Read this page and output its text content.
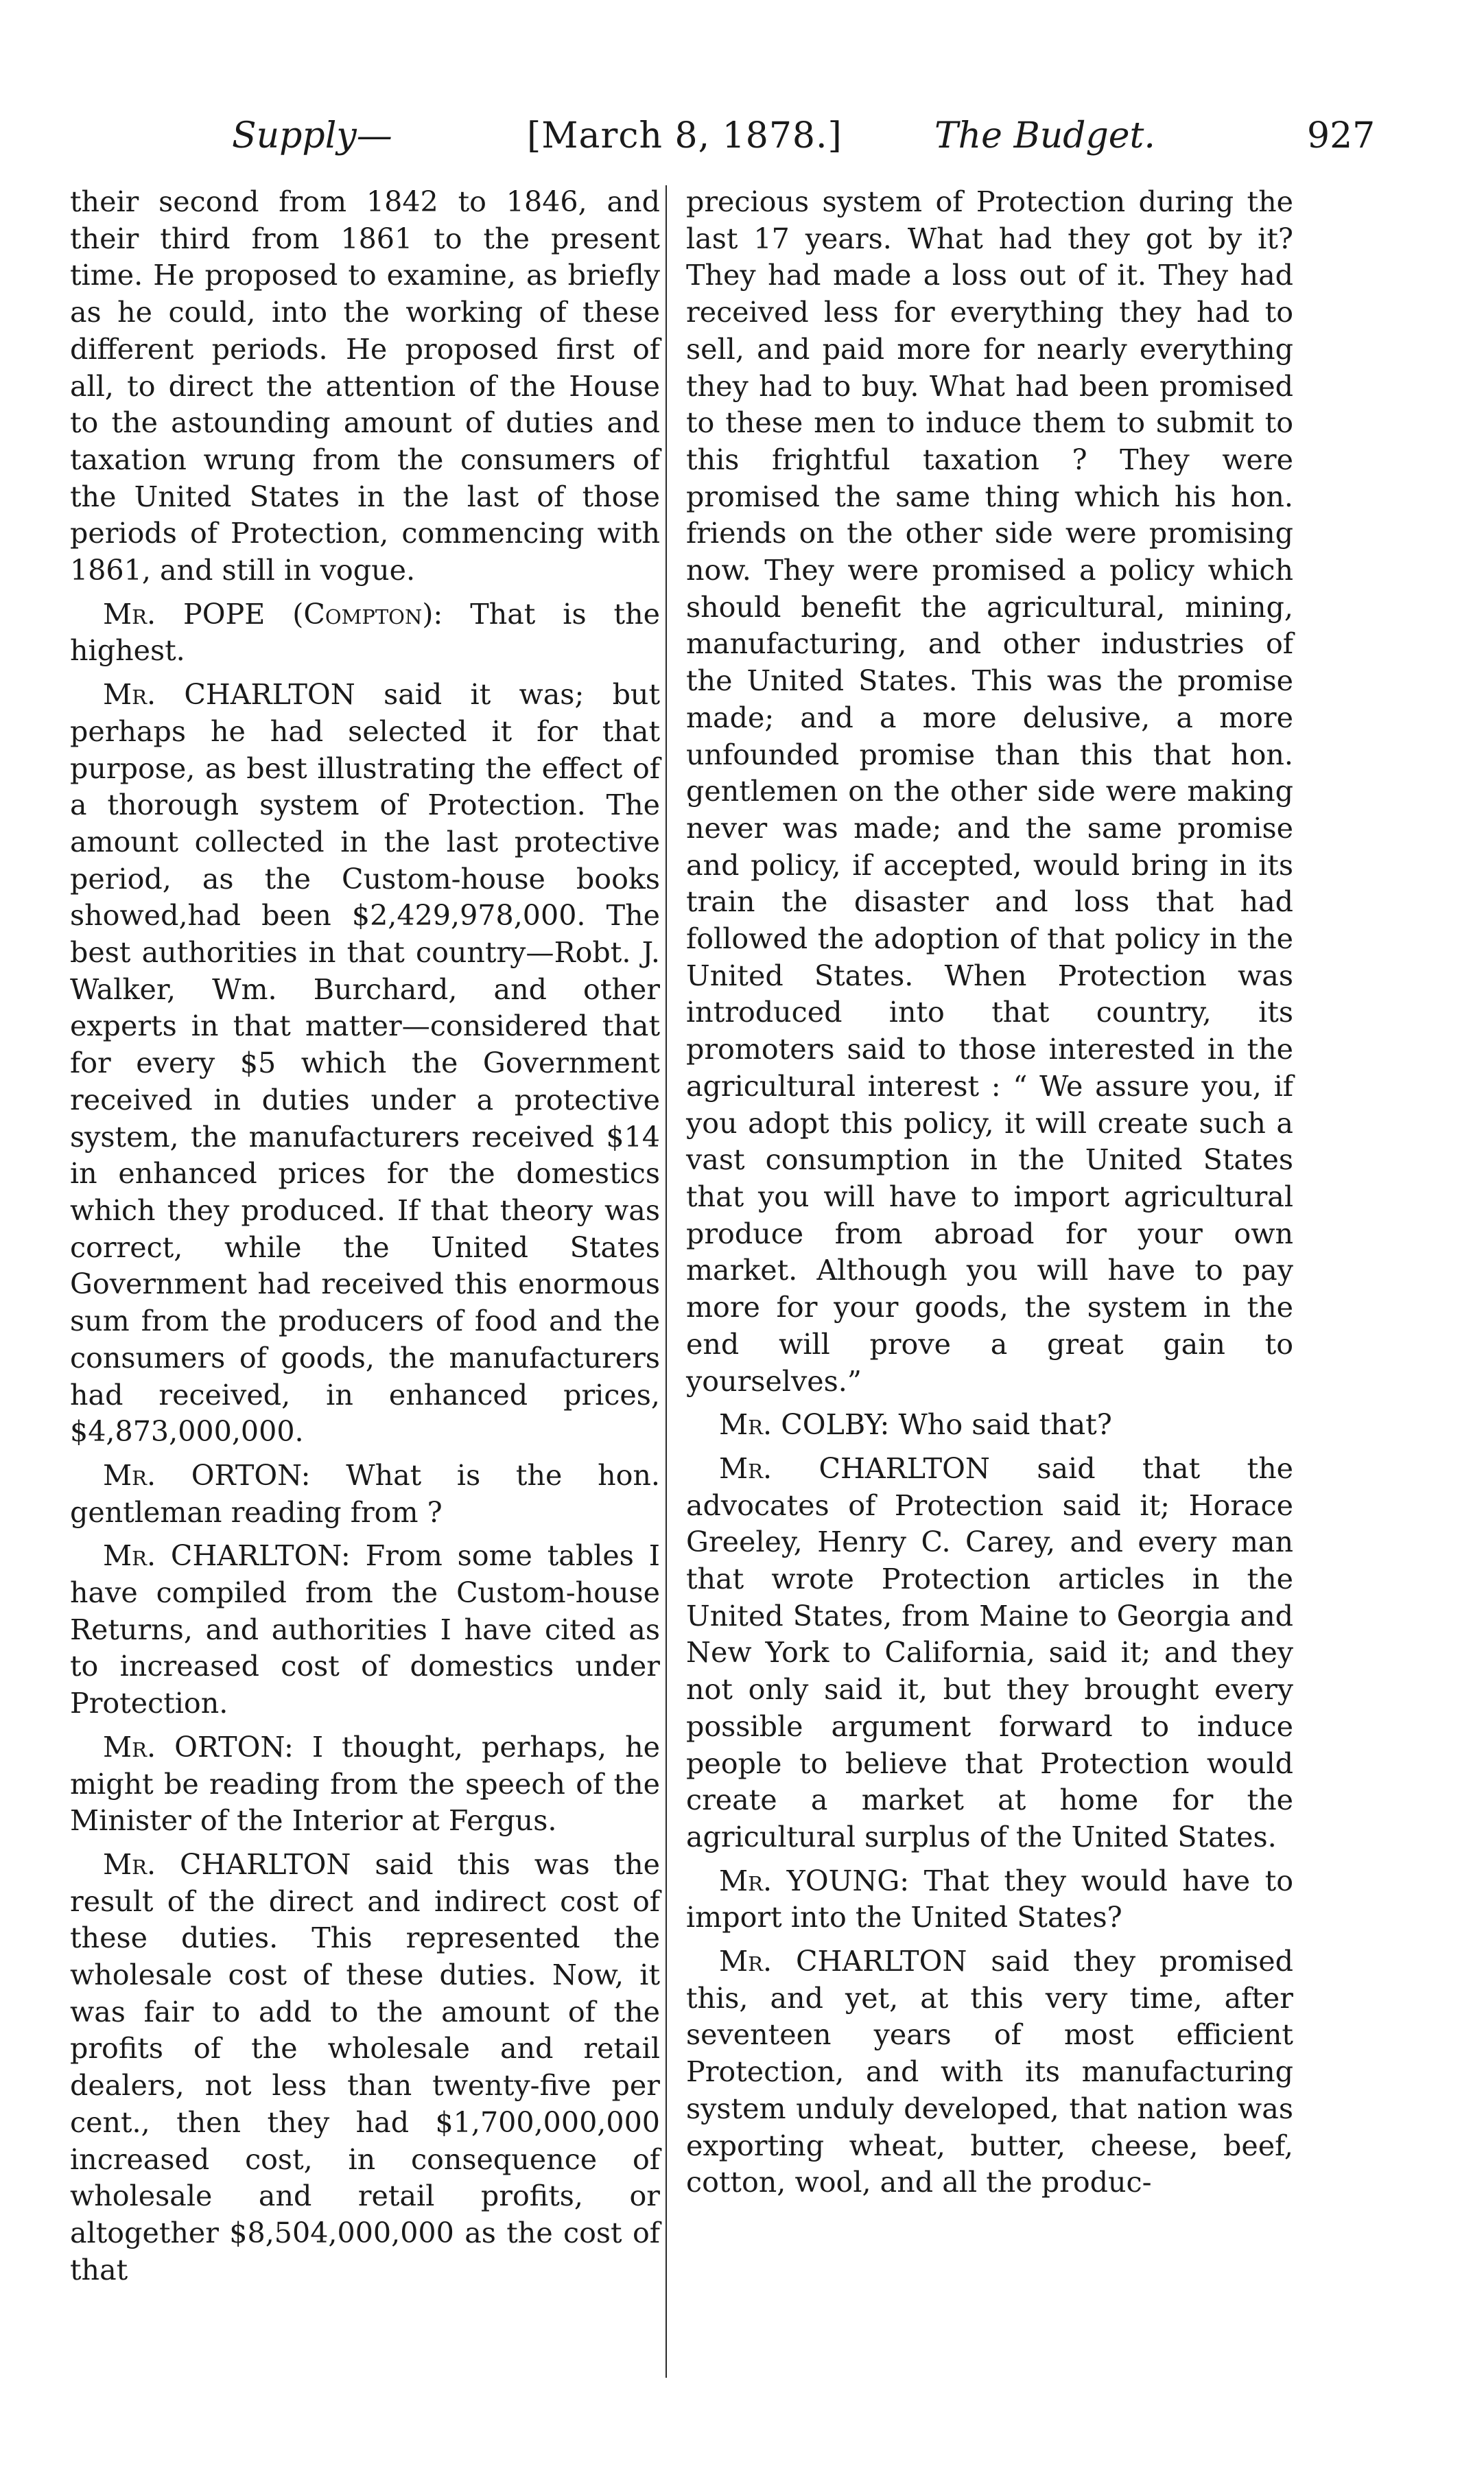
Supply—	[March 8, 1878.]	The Budget.	927

their second from 1842 to 1846, and their third from 1861 to the present time. He proposed to examine, as briefly as he could, into the working of these different periods. He proposed first of all, to direct the attention of the House to the astounding amount of duties and taxation wrung from the consumers of the United States in the last of those periods of Protection, commencing with 1861, and still in vogue.

Mr. POPE (Compton): That is the highest.

Mr. CHARLTON said it was; but perhaps he had selected it for that purpose, as best illustrating the effect of a thorough system of Protection. The amount collected in the last protective period, as the Custom-house books showed,had been $2,429,978,000. The best authorities in that country—Robt. J. Walker, Wm. Burchard, and other experts in that matter—considered that for every $5 which the Government received in duties under a protective system, the manufacturers received $14 in enhanced prices for the domestics which they produced. If that theory was correct, while the United States Government had received this enormous sum from the producers of food and the consumers of goods, the manufacturers had received, in enhanced prices, $4,873,000,000.

Mr. ORTON: What is the hon. gentleman reading from ?

Mr. CHARLTON: From some tables I have compiled from the Custom-house Returns, and authorities I have cited as to increased cost of domestics under Protection.

Mr. ORTON: I thought, perhaps, he might be reading from the speech of the Minister of the Interior at Fergus.

Mr. CHARLTON said this was the result of the direct and indirect cost of these duties. This represented the wholesale cost of these duties. Now, it was fair to add to the amount of the profits of the wholesale and retail dealers, not less than twenty-five per cent., then they had $1,700,000,000 increased cost, in consequence of wholesale and retail profits, or altogether $8,504,000,000 as the cost of that

precious system of Protection during the last 17 years. What had they got by it? They had made a loss out of it. They had received less for everything they had to sell, and paid more for nearly everything they had to buy. What had been promised to these men to induce them to submit to this frightful taxation ? They were promised the same thing which his hon. friends on the other side were promising now. They were promised a policy which should benefit the agricultural, mining, manufacturing, and other industries of the United States. This was the promise made; and a more delusive, a more unfounded promise than this that hon. gentlemen on the other side were making never was made; and the same promise and policy, if accepted, would bring in its train the disaster and loss that had followed the adoption of that policy in the United States. When Protection was introduced into that country, its promoters said to those interested in the agricultural interest : “ We assure you, if you adopt this policy, it will create such a vast consumption in the United States that you will have to import agricultural produce from abroad for your own market. Although you will have to pay more for your goods, the system in the end will prove a great gain to yourselves.”

Mr. COLBY: Who said that?

Mr. CHARLTON said that the advocates of Protection said it; Horace Greeley, Henry C. Carey, and every man that wrote Protection articles in the United States, from Maine to Georgia and New York to California, said it; and they not only said it, but they brought every possible argument forward to induce people to believe that Protection would create a market at home for the agricultural surplus of the United States.

Mr. YOUNG: That they would have to import into the United States?

Mr. CHARLTON said they promised this, and yet, at this very time, after seventeen years of most efficient Protection, and with its manufacturing system unduly developed, that nation was exporting wheat, butter, cheese, beef, cotton, wool, and all the produc-
